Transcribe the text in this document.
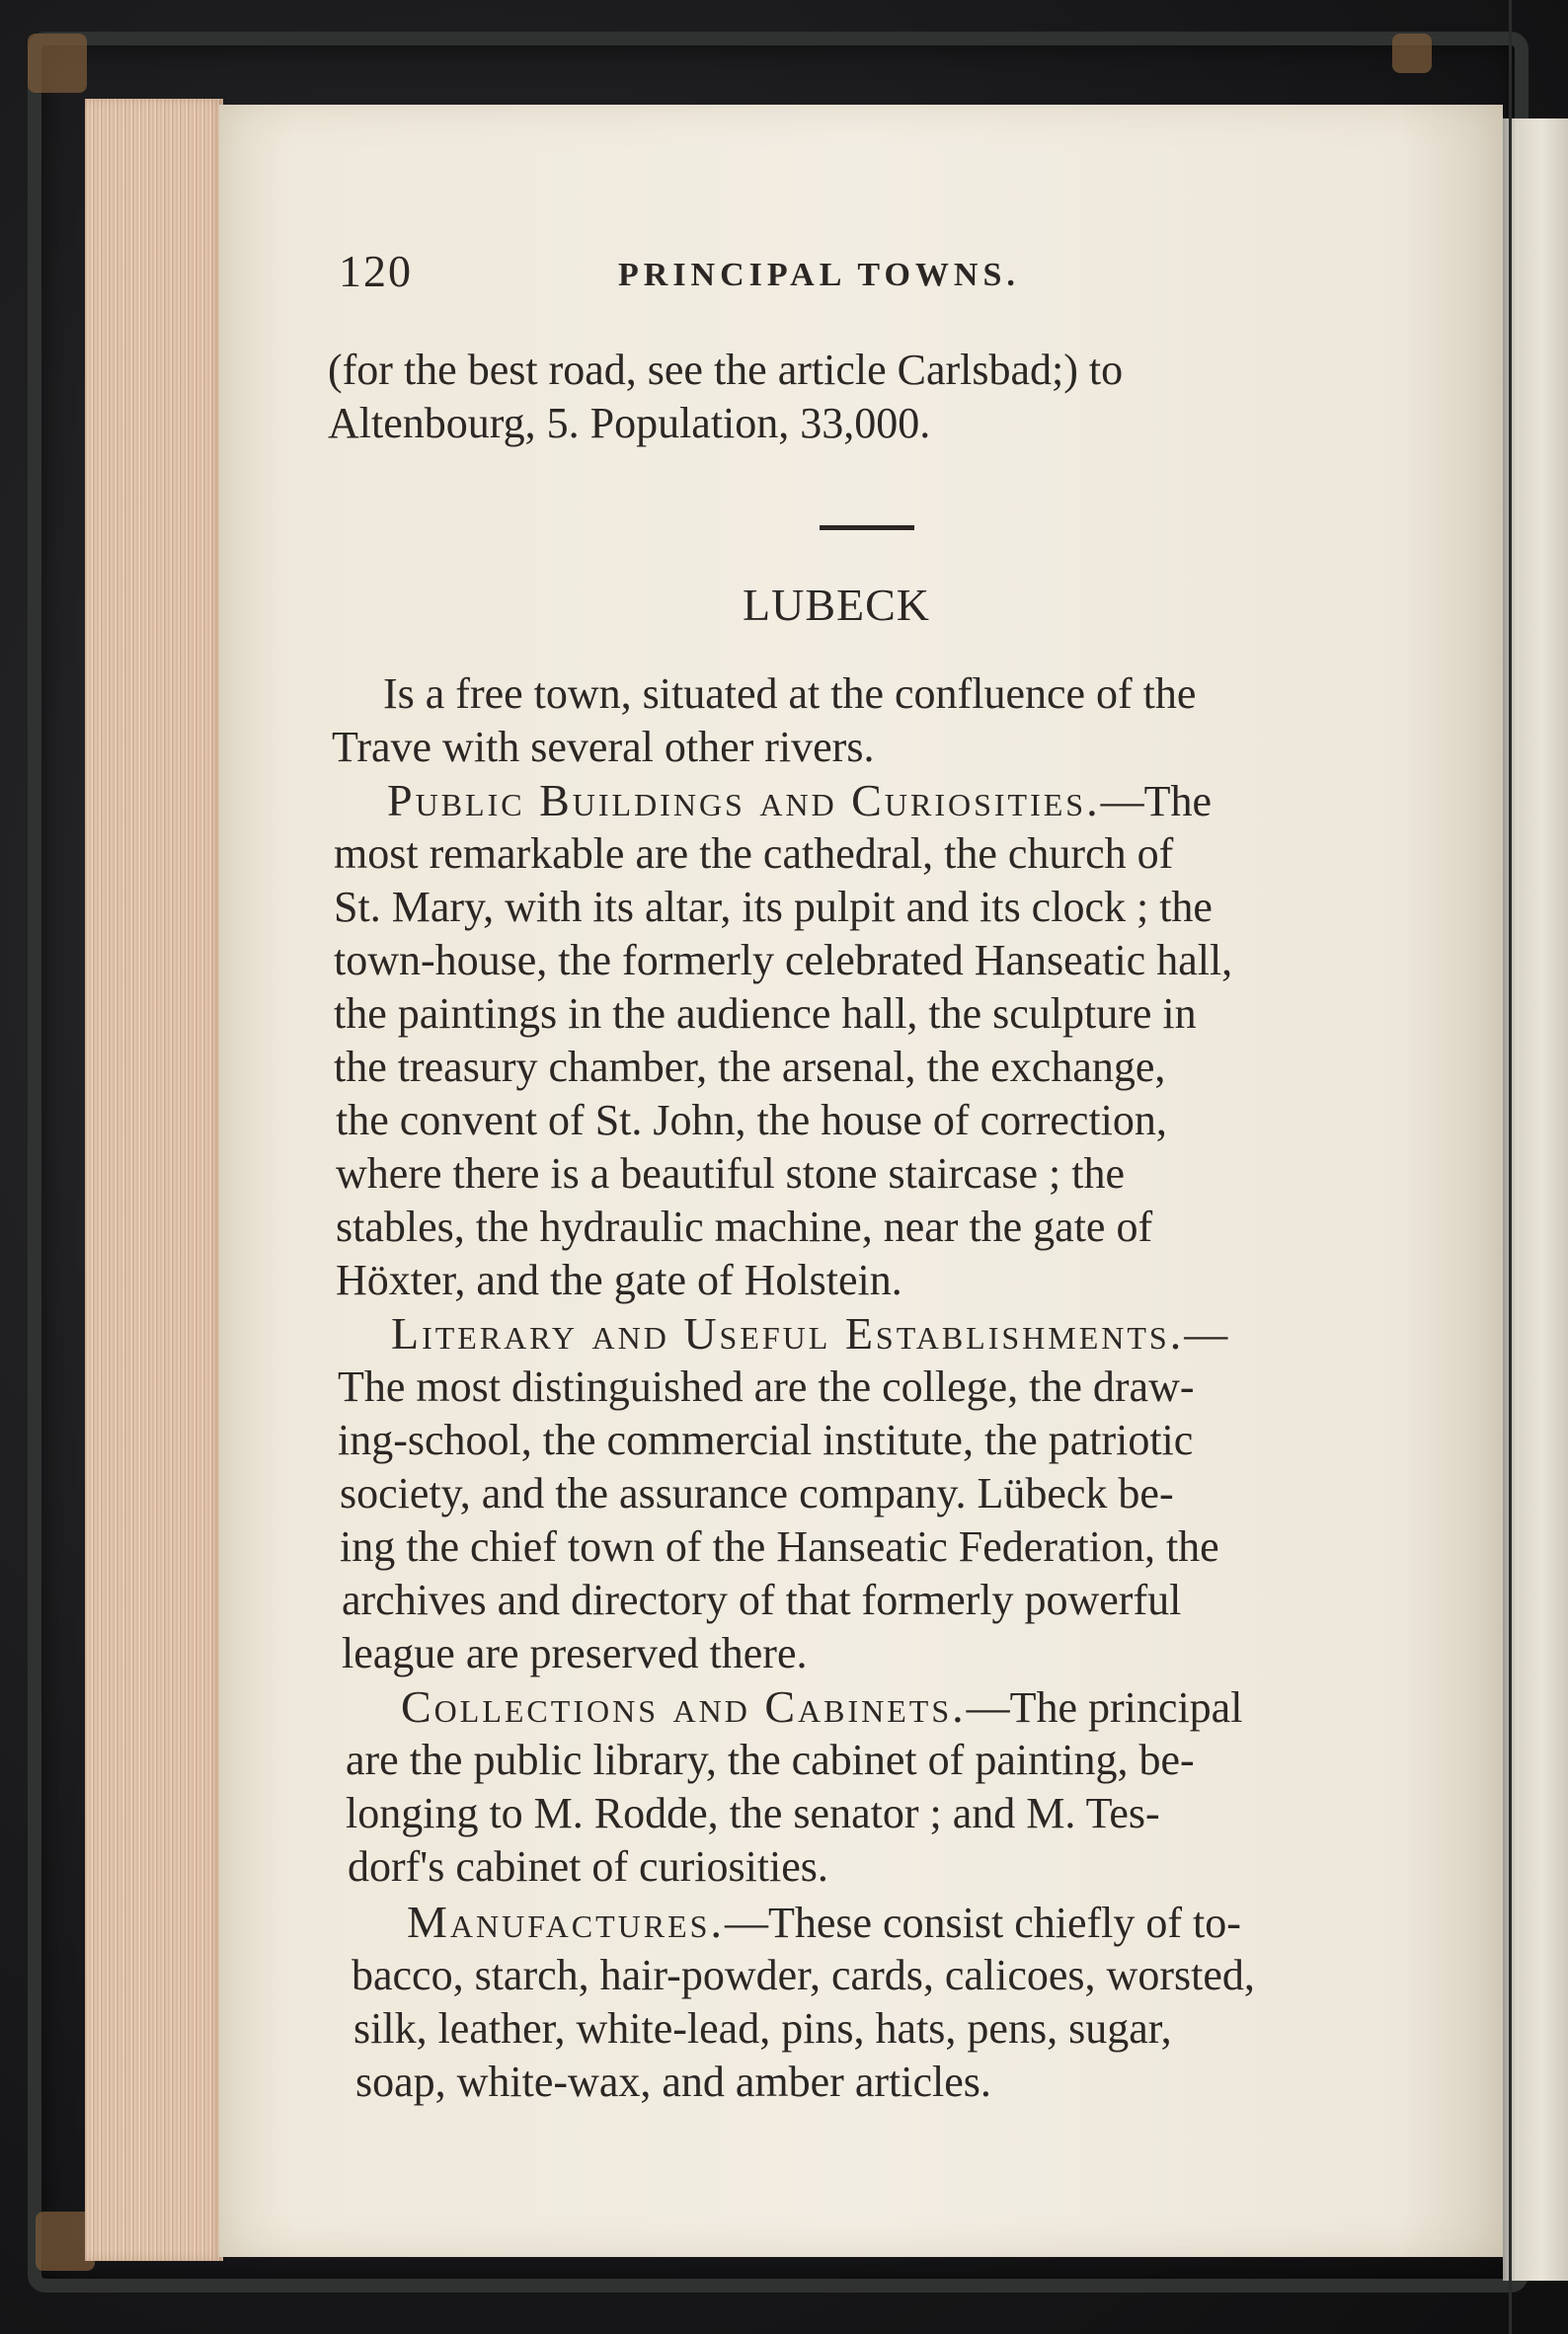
120	PRINCIPAL TOWNS.
(for the best road, see the article Carlsbad;) to
Altenbourg, 5. Population, 33,000.
LUBECK
Is a free town, situated at the confluence of the
Trave with several other rivers.
Public Buildings and Curiosities.—The
most remarkable are the cathedral, the church of
St. Mary, with its altar, its pulpit and its clock ; the
town-house, the formerly celebrated Hanseatic hall,
the paintings in the audience hall, the sculpture in
the treasury chamber, the arsenal, the exchange,
the convent of St. John, the house of correction,
where there is a beautiful stone staircase ; the
stables, the hydraulic machine, near the gate of
Höxter, and the gate of Holstein.
Literary and Useful Establishments.—
The most distinguished are the college, the draw-
ing-school, the commercial institute, the patriotic
society, and the assurance company. Lübeck be-
ing the chief town of the Hanseatic Federation, the
archives and directory of that formerly powerful
league are preserved there.
Collections and Cabinets.—The principal
are the public library, the cabinet of painting, be-
longing to M. Rodde, the senator ; and M. Tes-
dorf's cabinet of curiosities.
Manufactures.—These consist chiefly of to-
bacco, starch, hair-powder, cards, calicoes, worsted,
silk, leather, white-lead, pins, hats, pens, sugar,
soap, white-wax, and amber articles.
